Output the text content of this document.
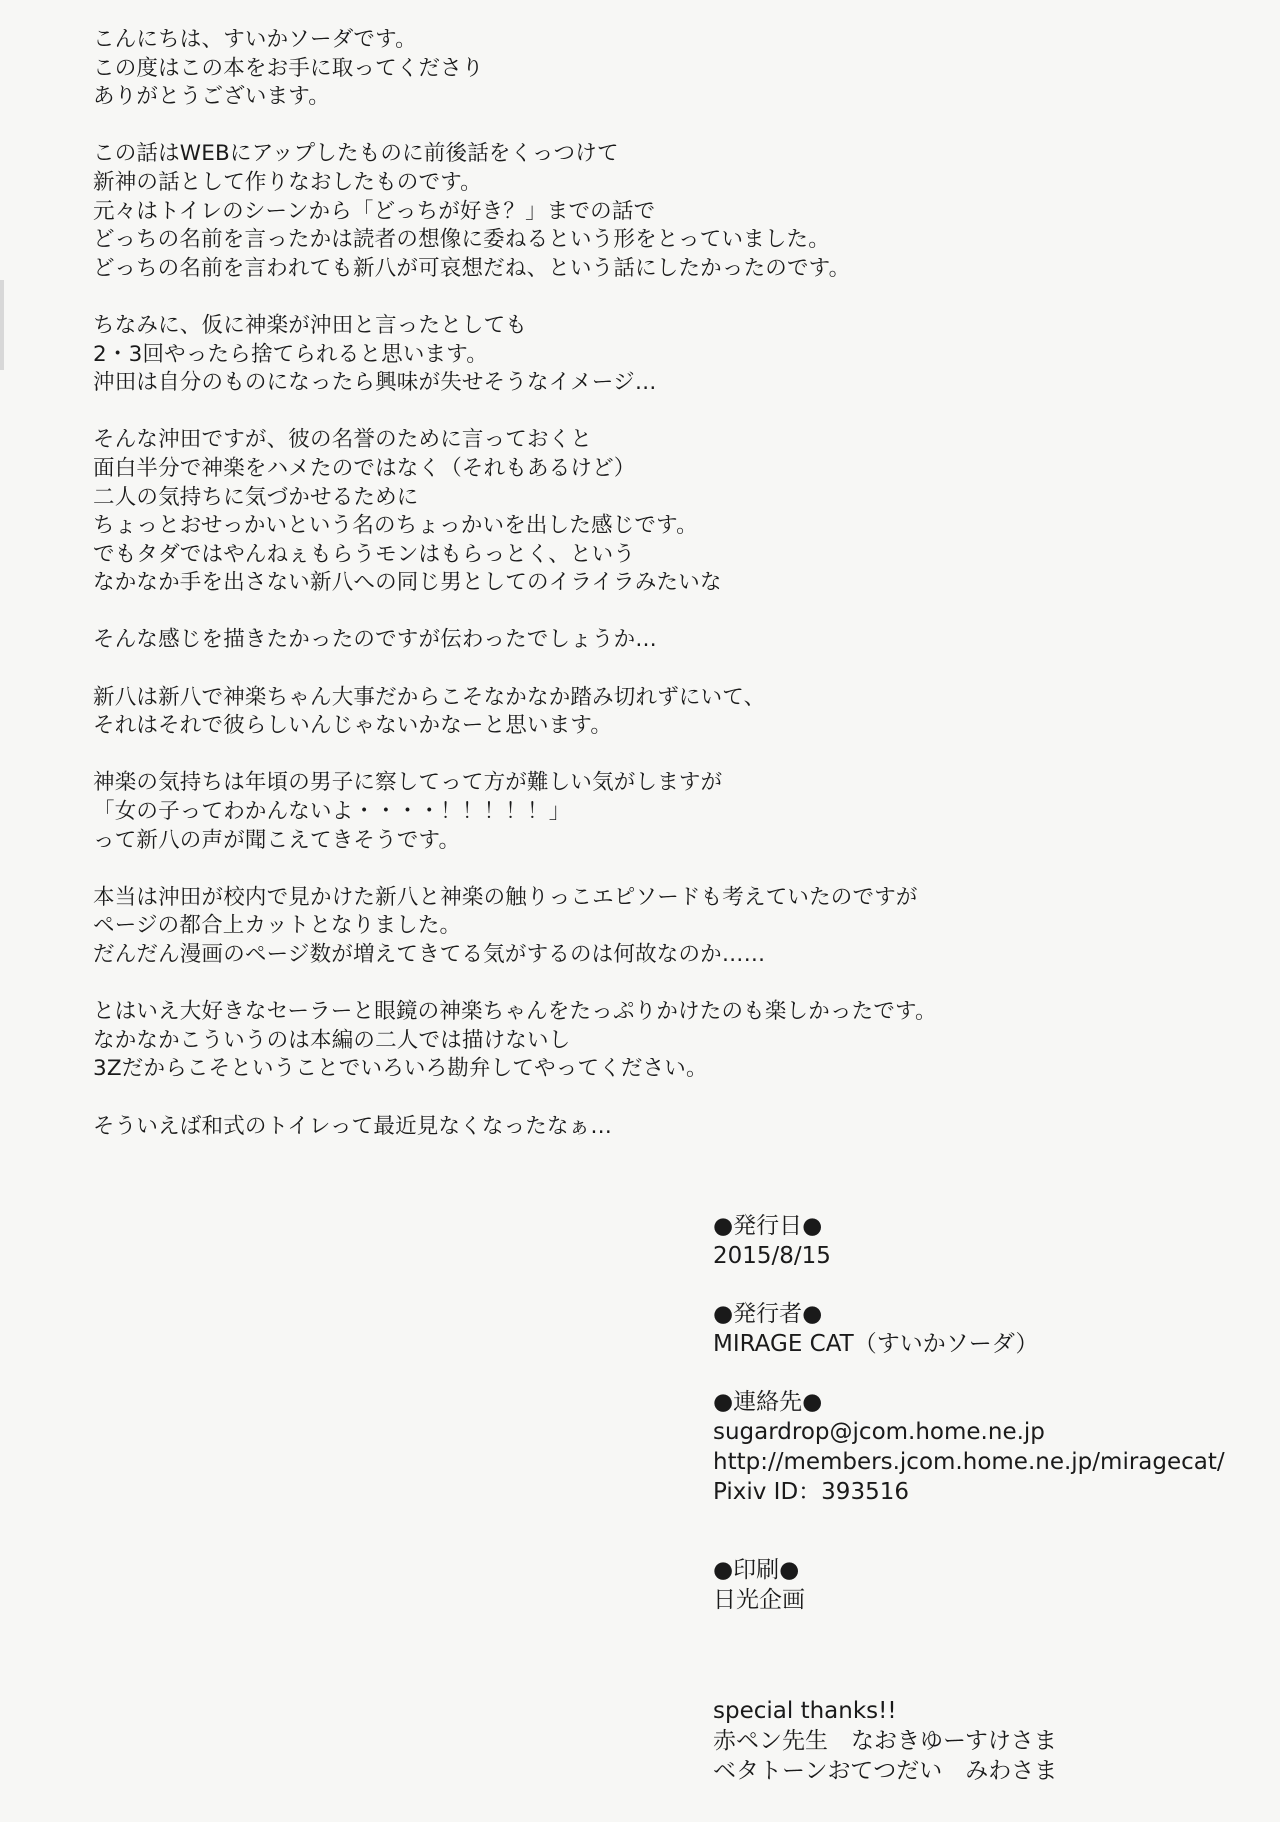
こんにちは、すいかソーダです。
この度はこの本をお手に取ってくださり
ありがとうございます。
この話はWEBにアップしたものに前後話をくっつけて
新神の話として作りなおしたものです。
元々はトイレのシーンから「どっちが好き？」までの話で
どっちの名前を言ったかは読者の想像に委ねるという形をとっていました。
どっちの名前を言われても新八が可哀想だね、という話にしたかったのです。
ちなみに、仮に神楽が沖田と言ったとしても
2・3回やったら捨てられると思います。
沖田は自分のものになったら興味が失せそうなイメージ…
そんな沖田ですが、彼の名誉のために言っておくと
面白半分で神楽をハメたのではなく（それもあるけど）
二人の気持ちに気づかせるために
ちょっとおせっかいという名のちょっかいを出した感じです。
でもタダではやんねぇもらうモンはもらっとく、という
なかなか手を出さない新八への同じ男としてのイライラみたいな
そんな感じを描きたかったのですが伝わったでしょうか…
新八は新八で神楽ちゃん大事だからこそなかなか踏み切れずにいて、
それはそれで彼らしいんじゃないかなーと思います。
神楽の気持ちは年頃の男子に察してって方が難しい気がしますが
「女の子ってわかんないよ・・・・！！！！！」
って新八の声が聞こえてきそうです。
本当は沖田が校内で見かけた新八と神楽の触りっこエピソードも考えていたのですが
ページの都合上カットとなりました。
だんだん漫画のページ数が増えてきてる気がするのは何故なのか……
とはいえ大好きなセーラーと眼鏡の神楽ちゃんをたっぷりかけたのも楽しかったです。
なかなかこういうのは本編の二人では描けないし
3Zだからこそということでいろいろ勘弁してやってください。
そういえば和式のトイレって最近見なくなったなぁ…
●発行日●
2015/8/15
●発行者●
MIRAGE CAT（すいかソーダ）
●連絡先●
sugardrop@jcom.home.ne.jp
http://members.jcom.home.ne.jp/miragecat/
Pixiv ID：393516
●印刷●
日光企画
special thanks!!
赤ペン先生　なおきゆーすけさま
ベタトーンおてつだい　みわさま
